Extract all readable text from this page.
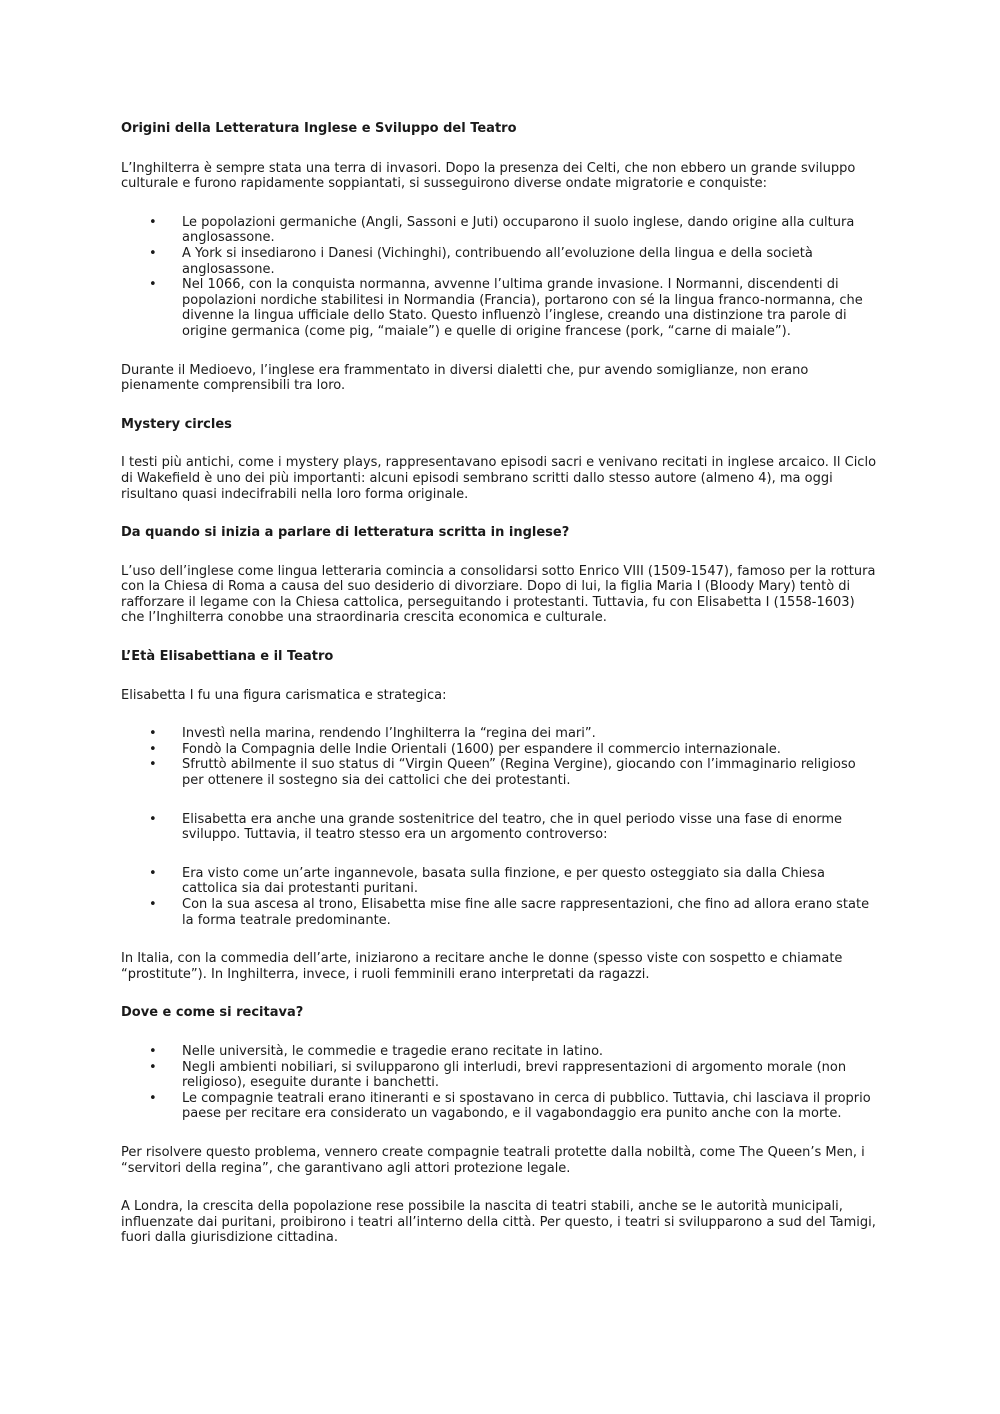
Origini della Letteratura Inglese e Sviluppo del Teatro

L’Inghilterra è sempre stata una terra di invasori. Dopo la presenza dei Celti, che non ebbero un grande sviluppo culturale e furono rapidamente soppiantati, si susseguirono diverse ondate migratorie e conquiste:

• Le popolazioni germaniche (Angli, Sassoni e Juti) occuparono il suolo inglese, dando origine alla cultura anglosassone.
• A York si insediarono i Danesi (Vichinghi), contribuendo all’evoluzione della lingua e della società anglosassone.
• Nel 1066, con la conquista normanna, avvenne l’ultima grande invasione. I Normanni, discendenti di popolazioni nordiche stabilitesi in Normandia (Francia), portarono con sé la lingua franco-normanna, che divenne la lingua ufficiale dello Stato. Questo influenzò l’inglese, creando una distinzione tra parole di origine germanica (come pig, “maiale”) e quelle di origine francese (pork, “carne di maiale”).

Durante il Medioevo, l’inglese era frammentato in diversi dialetti che, pur avendo somiglianze, non erano pienamente comprensibili tra loro.

Mystery circles

I testi più antichi, come i mystery plays, rappresentavano episodi sacri e venivano recitati in inglese arcaico. Il Ciclo di Wakefield è uno dei più importanti: alcuni episodi sembrano scritti dallo stesso autore (almeno 4), ma oggi risultano quasi indecifrabili nella loro forma originale.

Da quando si inizia a parlare di letteratura scritta in inglese?

L’uso dell’inglese come lingua letteraria comincia a consolidarsi sotto Enrico VIII (1509-1547), famoso per la rottura con la Chiesa di Roma a causa del suo desiderio di divorziare. Dopo di lui, la figlia Maria I (Bloody Mary) tentò di rafforzare il legame con la Chiesa cattolica, perseguitando i protestanti. Tuttavia, fu con Elisabetta I (1558-1603) che l’Inghilterra conobbe una straordinaria crescita economica e culturale.

L’Età Elisabettiana e il Teatro

Elisabetta I fu una figura carismatica e strategica:

• Investì nella marina, rendendo l’Inghilterra la “regina dei mari”.
• Fondò la Compagnia delle Indie Orientali (1600) per espandere il commercio internazionale.
• Sfruttò abilmente il suo status di “Virgin Queen” (Regina Vergine), giocando con l’immaginario religioso per ottenere il sostegno sia dei cattolici che dei protestanti.
• Elisabetta era anche una grande sostenitrice del teatro, che in quel periodo visse una fase di enorme sviluppo. Tuttavia, il teatro stesso era un argomento controverso:
• Era visto come un’arte ingannevole, basata sulla finzione, e per questo osteggiato sia dalla Chiesa cattolica sia dai protestanti puritani.
• Con la sua ascesa al trono, Elisabetta mise fine alle sacre rappresentazioni, che fino ad allora erano state la forma teatrale predominante.

In Italia, con la commedia dell’arte, iniziarono a recitare anche le donne (spesso viste con sospetto e chiamate “prostitute”). In Inghilterra, invece, i ruoli femminili erano interpretati da ragazzi.

Dove e come si recitava?

• Nelle università, le commedie e tragedie erano recitate in latino.
• Negli ambienti nobiliari, si svilupparono gli interludi, brevi rappresentazioni di argomento morale (non religioso), eseguite durante i banchetti.
• Le compagnie teatrali erano itineranti e si spostavano in cerca di pubblico. Tuttavia, chi lasciava il proprio paese per recitare era considerato un vagabondo, e il vagabondaggio era punito anche con la morte.

Per risolvere questo problema, vennero create compagnie teatrali protette dalla nobiltà, come The Queen’s Men, i “servitori della regina”, che garantivano agli attori protezione legale.

A Londra, la crescita della popolazione rese possibile la nascita di teatri stabili, anche se le autorità municipali, influenzate dai puritani, proibirono i teatri all’interno della città. Per questo, i teatri si svilupparono a sud del Tamigi, fuori dalla giurisdizione cittadina.
